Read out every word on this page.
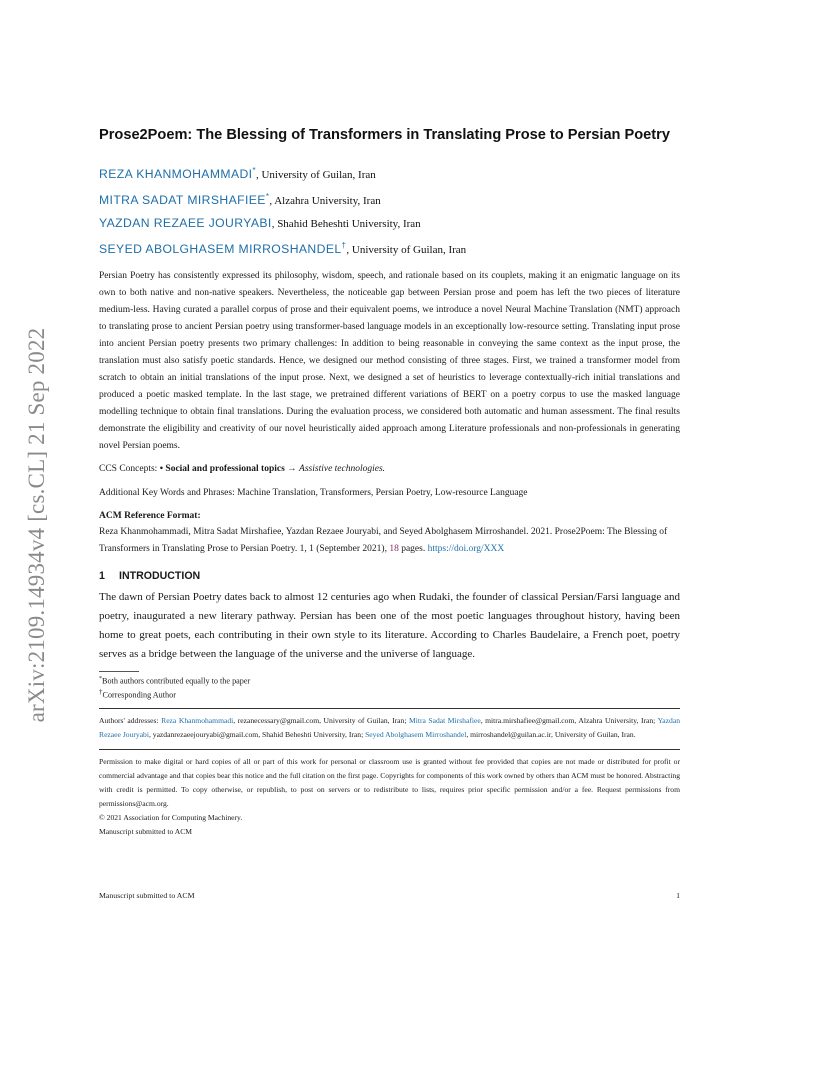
arXiv:2109.14934v4 [cs.CL] 21 Sep 2022
Prose2Poem: The Blessing of Transformers in Translating Prose to Persian Poetry
REZA KHANMOHAMMADI*, University of Guilan, Iran
MITRA SADAT MIRSHAFIEE*, Alzahra University, Iran
YAZDAN REZAEE JOURYABI, Shahid Beheshti University, Iran
SEYED ABOLGHASEM MIRROSHANDEL†, University of Guilan, Iran

Persian Poetry has consistently expressed its philosophy, wisdom, speech, and rationale based on its couplets, making it an enigmatic language on its own to both native and non-native speakers. Nevertheless, the noticeable gap between Persian prose and poem has left the two pieces of literature medium-less. Having curated a parallel corpus of prose and their equivalent poems, we introduce a novel Neural Machine Translation (NMT) approach to translating prose to ancient Persian poetry using transformer-based language models in an exceptionally low-resource setting. Translating input prose into ancient Persian poetry presents two primary challenges: In addition to being reasonable in conveying the same context as the input prose, the translation must also satisfy poetic standards. Hence, we designed our method consisting of three stages. First, we trained a transformer model from scratch to obtain an initial translations of the input prose. Next, we designed a set of heuristics to leverage contextually-rich initial translations and produced a poetic masked template. In the last stage, we pretrained different variations of BERT on a poetry corpus to use the masked language modelling technique to obtain final translations. During the evaluation process, we considered both automatic and human assessment. The final results demonstrate the eligibility and creativity of our novel heuristically aided approach among Literature professionals and non-professionals in generating novel Persian poems.

CCS Concepts: • Social and professional topics → Assistive technologies.
Additional Key Words and Phrases: Machine Translation, Transformers, Persian Poetry, Low-resource Language
ACM Reference Format:
Reza Khanmohammadi, Mitra Sadat Mirshafiee, Yazdan Rezaee Jouryabi, and Seyed Abolghasem Mirroshandel. 2021. Prose2Poem: The Blessing of Transformers in Translating Prose to Persian Poetry. 1, 1 (September 2021), 18 pages. https://doi.org/XXX
1 INTRODUCTION

The dawn of Persian Poetry dates back to almost 12 centuries ago when Rudaki, the founder of classical Persian/Farsi language and poetry, inaugurated a new literary pathway. Persian has been one of the most poetic languages throughout history, having been home to great poets, each contributing in their own style to its literature. According to Charles Baudelaire, a French poet, poetry serves as a bridge between the language of the universe and the universe of language.

*Both authors contributed equally to the paper
†Corresponding Author
Authors' addresses: Reza Khanmohammadi, rezanecessary@gmail.com, University of Guilan, Iran; Mitra Sadat Mirshafiee, mitra.mirshafiee@gmail.com, Alzahra University, Iran; Yazdan Rezaee Jouryabi, yazdanrezaeejouryabi@gmail.com, Shahid Beheshti University, Iran; Seyed Abolghasem Mirroshandel, mirroshandel@guilan.ac.ir, University of Guilan, Iran.
Permission to make digital or hard copies of all or part of this work for personal or classroom use is granted without fee provided that copies are not made or distributed for profit or commercial advantage and that copies bear this notice and the full citation on the first page. Copyrights for components of this work owned by others than ACM must be honored. Abstracting with credit is permitted. To copy otherwise, or republish, to post on servers or to redistribute to lists, requires prior specific permission and/or a fee. Request permissions from permissions@acm.org.
© 2021 Association for Computing Machinery.
Manuscript submitted to ACM
Manuscript submitted to ACM	1
